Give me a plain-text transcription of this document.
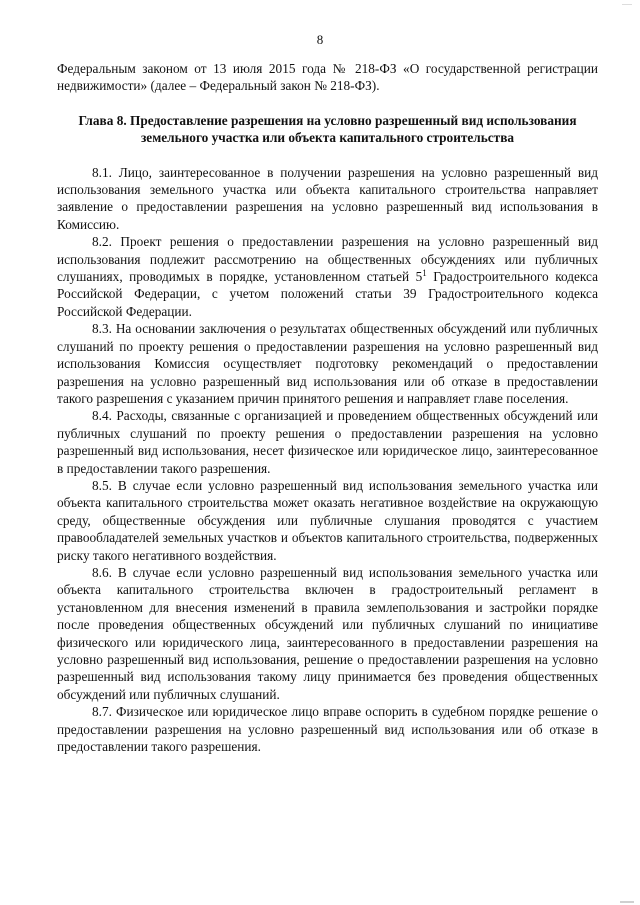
8

Федеральным законом от 13 июля 2015 года № 218-ФЗ «О государственной регистрации недвижимости» (далее – Федеральный закон № 218-ФЗ).

Глава 8. Предоставление разрешения на условно разрешенный вид использования земельного участка или объекта капитального строительства

8.1. Лицо, заинтересованное в получении разрешения на условно разрешенный вид использования земельного участка или объекта капитального строительства направляет заявление о предоставлении разрешения на условно разрешенный вид использования в Комиссию.

8.2. Проект решения о предоставлении разрешения на условно разрешенный вид использования подлежит рассмотрению на общественных обсуждениях или публичных слушаниях, проводимых в порядке, установленном статьей $5^1$ Градостроительного кодекса Российской Федерации, с учетом положений статьи 39 Градостроительного кодекса Российской Федерации.

8.3. На основании заключения о результатах общественных обсуждений или публичных слушаний по проекту решения о предоставлении разрешения на условно разрешенный вид использования Комиссия осуществляет подготовку рекомендаций о предоставлении разрешения на условно разрешенный вид использования или об отказе в предоставлении такого разрешения с указанием причин принятого решения и направляет главе поселения.

8.4. Расходы, связанные с организацией и проведением общественных обсуждений или публичных слушаний по проекту решения о предоставлении разрешения на условно разрешенный вид использования, несет физическое или юридическое лицо, заинтересованное в предоставлении такого разрешения.

8.5. В случае если условно разрешенный вид использования земельного участка или объекта капитального строительства может оказать негативное воздействие на окружающую среду, общественные обсуждения или публичные слушания проводятся с участием правообладателей земельных участков и объектов капитального строительства, подверженных риску такого негативного воздействия.

8.6. В случае если условно разрешенный вид использования земельного участка или объекта капитального строительства включен в градостроительный регламент в установленном для внесения изменений в правила землепользования и застройки порядке после проведения общественных обсуждений или публичных слушаний по инициативе физического или юридического лица, заинтересованного в предоставлении разрешения на условно разрешенный вид использования, решение о предоставлении разрешения на условно разрешенный вид использования такому лицу принимается без проведения общественных обсуждений или публичных слушаний.

8.7. Физическое или юридическое лицо вправе оспорить в судебном порядке решение о предоставлении разрешения на условно разрешенный вид использования или об отказе в предоставлении такого разрешения.
